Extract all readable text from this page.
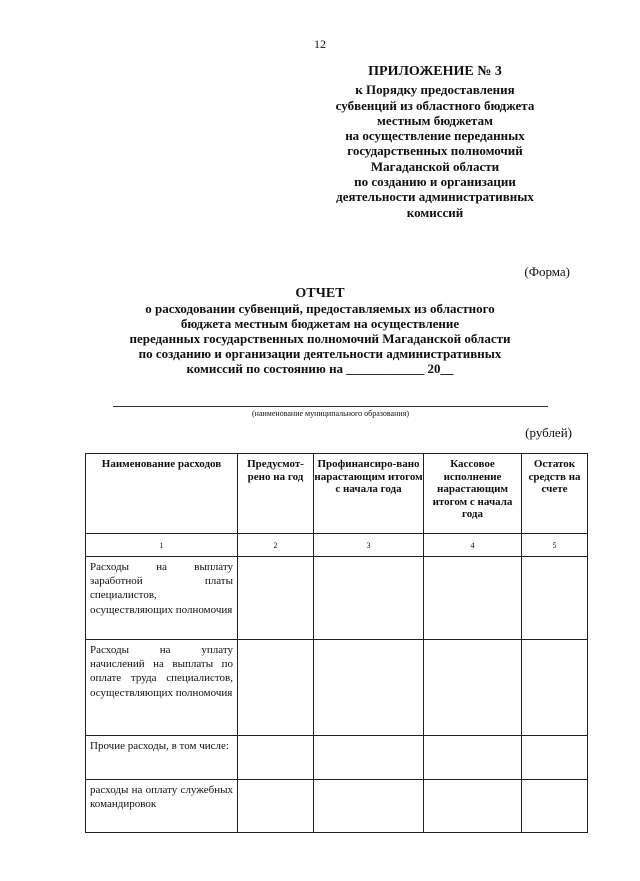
12
ПРИЛОЖЕНИЕ № 3
к Порядку предоставления
субвенций из областного бюджета
местным бюджетам
на осуществление переданных
государственных полномочий
Магаданской области
по созданию и организации
деятельности административных
комиссий
(Форма)
ОТЧЕТ
о расходовании субвенций, предоставляемых из областного
бюджета местным бюджетам на осуществление
переданных государственных полномочий Магаданской области
по созданию и организации деятельности административных
комиссий по состоянию на ____________ 20__
(наименование муниципального образования)
(рублей)
Наименование расходов	Предусмот-рено на год	Профинансиро-вано нарастающим итогом с начала года	Кассовое исполнение нарастающим итогом с начала года	Остаток средств на счете
1	2	3	4	5
Расходы на выплату заработной платы специалистов, осуществляющих полномочия				
Расходы на уплату начислений на выплаты по оплате труда специалистов, осуществляющих полномочия				
Прочие расходы, в том числе:				
расходы на оплату служебных командировок				
